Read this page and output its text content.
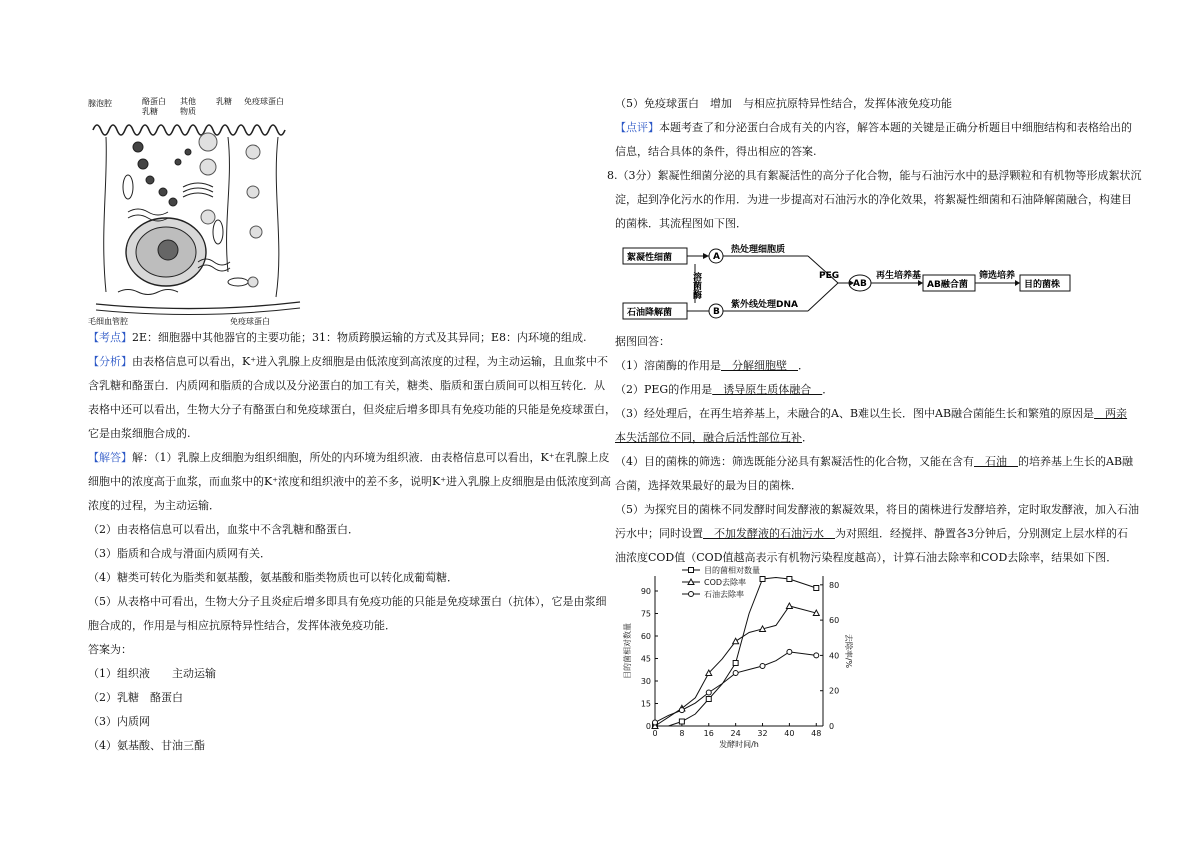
腺泡腔	酪蛋白
乳糖
其他
物质
乳糖 免疫球蛋白
毛细血管腔	免疫球蛋白
【考点】2E：细胞器中其他器官的主要功能；31：物质跨膜运输的方式及其异同；E8：内环境的组成.
【分析】由表格信息可以看出，K⁺进入乳腺上皮细胞是由低浓度到高浓度的过程，为主动运输，且血浆中不
含乳糖和酪蛋白．内质网和脂质的合成以及分泌蛋白的加工有关，糖类、脂质和蛋白质间可以相互转化．从
表格中还可以看出，生物大分子有酪蛋白和免疫球蛋白，但炎症后增多即具有免疫功能的只能是免疫球蛋白，
它是由浆细胞合成的.
【解答】解：（1）乳腺上皮细胞为组织细胞，所处的内环境为组织液．由表格信息可以看出，K⁺在乳腺上皮
细胞中的浓度高于血浆，而血浆中的K⁺浓度和组织液中的差不多，说明K⁺进入乳腺上皮细胞是由低浓度到高
浓度的过程，为主动运输．
（2）由表格信息可以看出，血浆中不含乳糖和酪蛋白．
（3）脂质和合成与滑面内质网有关．
（4）糖类可转化为脂类和氨基酸，氨基酸和脂类物质也可以转化成葡萄糖．
（5）从表格中可看出，生物大分子且炎症后增多即具有免疫功能的只能是免疫球蛋白（抗体），它是由浆细
胞合成的，作用是与相应抗原特异性结合，发挥体液免疫功能．
答案为：
（1）组织液　　主动运输
（2）乳糖　酪蛋白
（3）内质网
（4）氨基酸、甘油三酯
（5）免疫球蛋白　增加　与相应抗原特异性结合，发挥体液免疫功能
【点评】本题考查了和分泌蛋白合成有关的内容，解答本题的关键是正确分析题目中细胞结构和表格给出的
信息，结合具体的条件，得出相应的答案.
8.（3分）絮凝性细菌分泌的具有絮凝活性的高分子化合物，能与石油污水中的悬浮颗粒和有机物等形成絮状沉
淀，起到净化污水的作用．为进一步提高对石油污水的净化效果，将絮凝性细菌和石油降解菌融合，构建目
的菌株．其流程图如下图．
絮凝性细菌
石油降解菌
溶菌酶
A
B
热处理细胞质
紫外线处理DNA
PEG
AB
再生培养基
AB融合菌
筛选培养
目的菌株
据图回答：
（1）溶菌酶的作用是　分解细胞壁　．
（2）PEG的作用是　诱导原生质体融合　．
（3）经处理后，在再生培养基上，未融合的A、B难以生长．图中AB融合菌能生长和繁殖的原因是　两亲
本失活部位不同，融合后活性部位互补．
（4）目的菌株的筛选：筛选既能分泌具有絮凝活性的化合物，又能在含有　石油　的培养基上生长的AB融
合菌，选择效果最好的最为目的菌株．
（5）为探究目的菌株不同发酵时间发酵液的絮凝效果，将目的菌株进行发酵培养，定时取发酵液，加入石油
污水中；同时设置　不加发酵液的石油污水　为对照组．经搅拌、静置各3分钟后，分别测定上层水样的石
油浓度COD值（COD值越高表示有机物污染程度越高），计算石油去除率和COD去除率，结果如下图．
0	8 16 24 32 40 48
0
15
30
45
60
75
90
0
20
40
60
80
发酵时间/h
目的菌相对数量	去除率/%
目的菌相对数量
COD去除率
石油去除率
